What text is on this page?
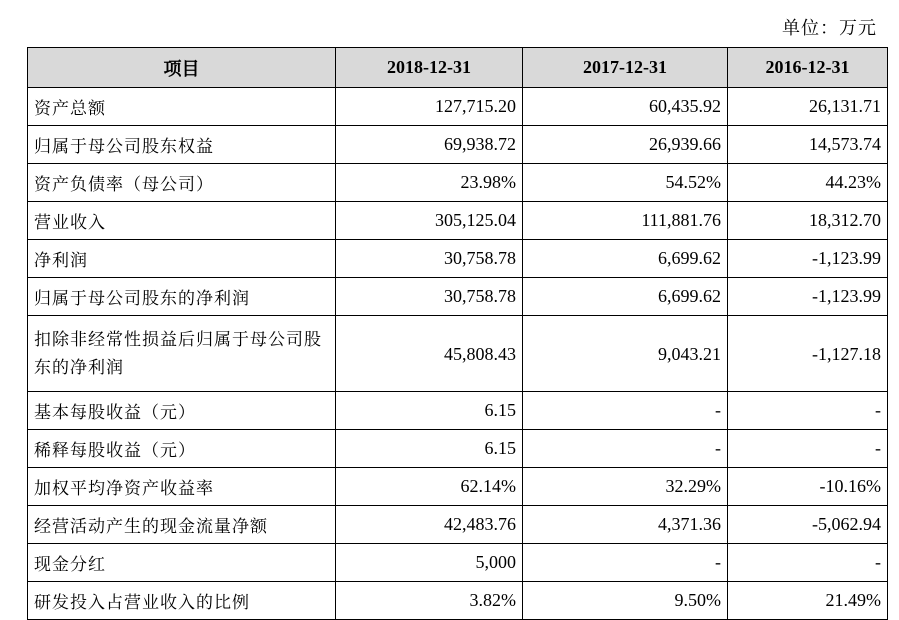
单位：万元
项目	2018-12-31	2017-12-31	2016-12-31
资产总额	127,715.20	60,435.92	26,131.71
归属于母公司股东权益	69,938.72	26,939.66	14,573.74
资产负债率（母公司）	23.98%	54.52%	44.23%
营业收入	305,125.04	111,881.76	18,312.70
净利润	30,758.78	6,699.62	-1,123.99
归属于母公司股东的净利润	30,758.78	6,699.62	-1,123.99
扣除非经常性损益后归属于母公司股东的净利润	45,808.43	9,043.21	-1,127.18
基本每股收益（元）	6.15	-	-
稀释每股收益（元）	6.15	-	-
加权平均净资产收益率	62.14%	32.29%	-10.16%
经营活动产生的现金流量净额	42,483.76	4,371.36	-5,062.94
现金分红	5,000	-	-
研发投入占营业收入的比例	3.82%	9.50%	21.49%
